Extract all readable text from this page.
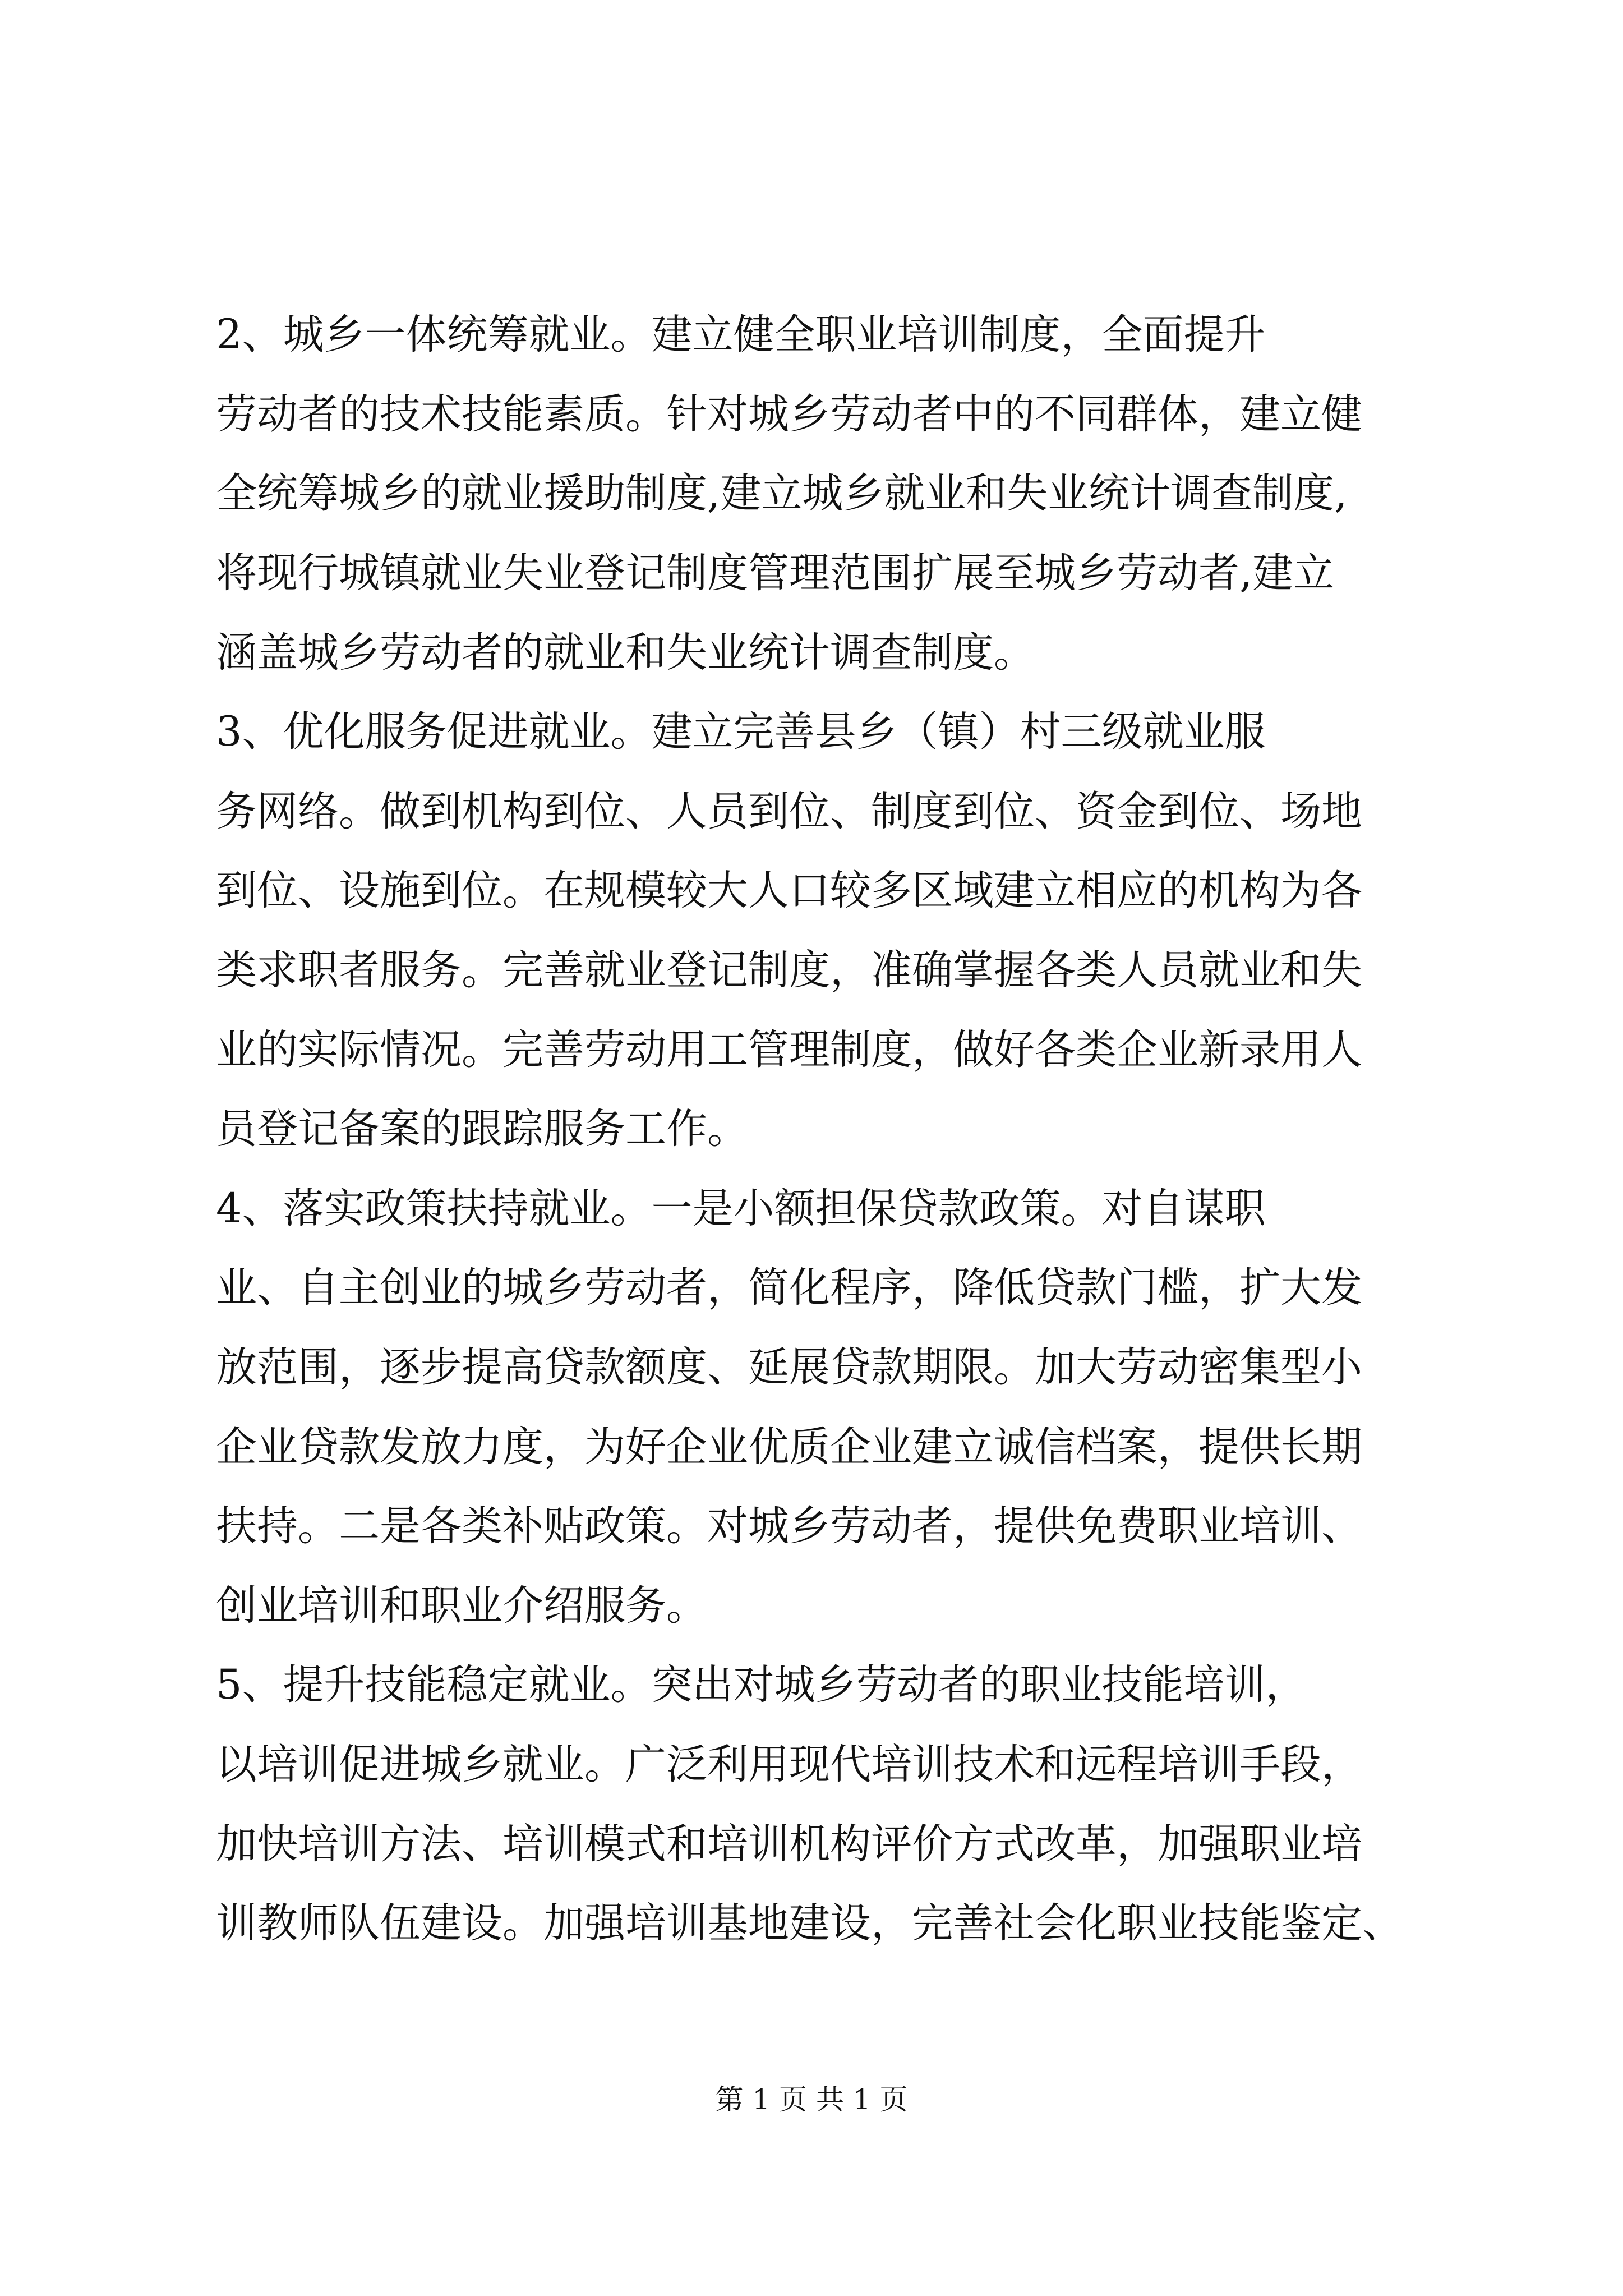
2、城乡一体统筹就业。建立健全职业培训制度，全面提升

劳动者的技术技能素质。针对城乡劳动者中的不同群体，建立健

全统筹城乡的就业援助制度,建立城乡就业和失业统计调查制度,

将现行城镇就业失业登记制度管理范围扩展至城乡劳动者,建立

涵盖城乡劳动者的就业和失业统计调查制度。

3、优化服务促进就业。建立完善县乡（镇）村三级就业服

务网络。做到机构到位、人员到位、制度到位、资金到位、场地

到位、设施到位。在规模较大人口较多区域建立相应的机构为各

类求职者服务。完善就业登记制度，准确掌握各类人员就业和失

业的实际情况。完善劳动用工管理制度，做好各类企业新录用人

员登记备案的跟踪服务工作。

4、落实政策扶持就业。一是小额担保贷款政策。对自谋职

业、自主创业的城乡劳动者，简化程序，降低贷款门槛，扩大发

放范围，逐步提高贷款额度、延展贷款期限。加大劳动密集型小

企业贷款发放力度，为好企业优质企业建立诚信档案，提供长期

扶持。二是各类补贴政策。对城乡劳动者，提供免费职业培训、

创业培训和职业介绍服务。

5、提升技能稳定就业。突出对城乡劳动者的职业技能培训，

以培训促进城乡就业。广泛利用现代培训技术和远程培训手段，

加快培训方法、培训模式和培训机构评价方式改革，加强职业培

训教师队伍建设。加强培训基地建设，完善社会化职业技能鉴定、

第 1 页 共 1 页
